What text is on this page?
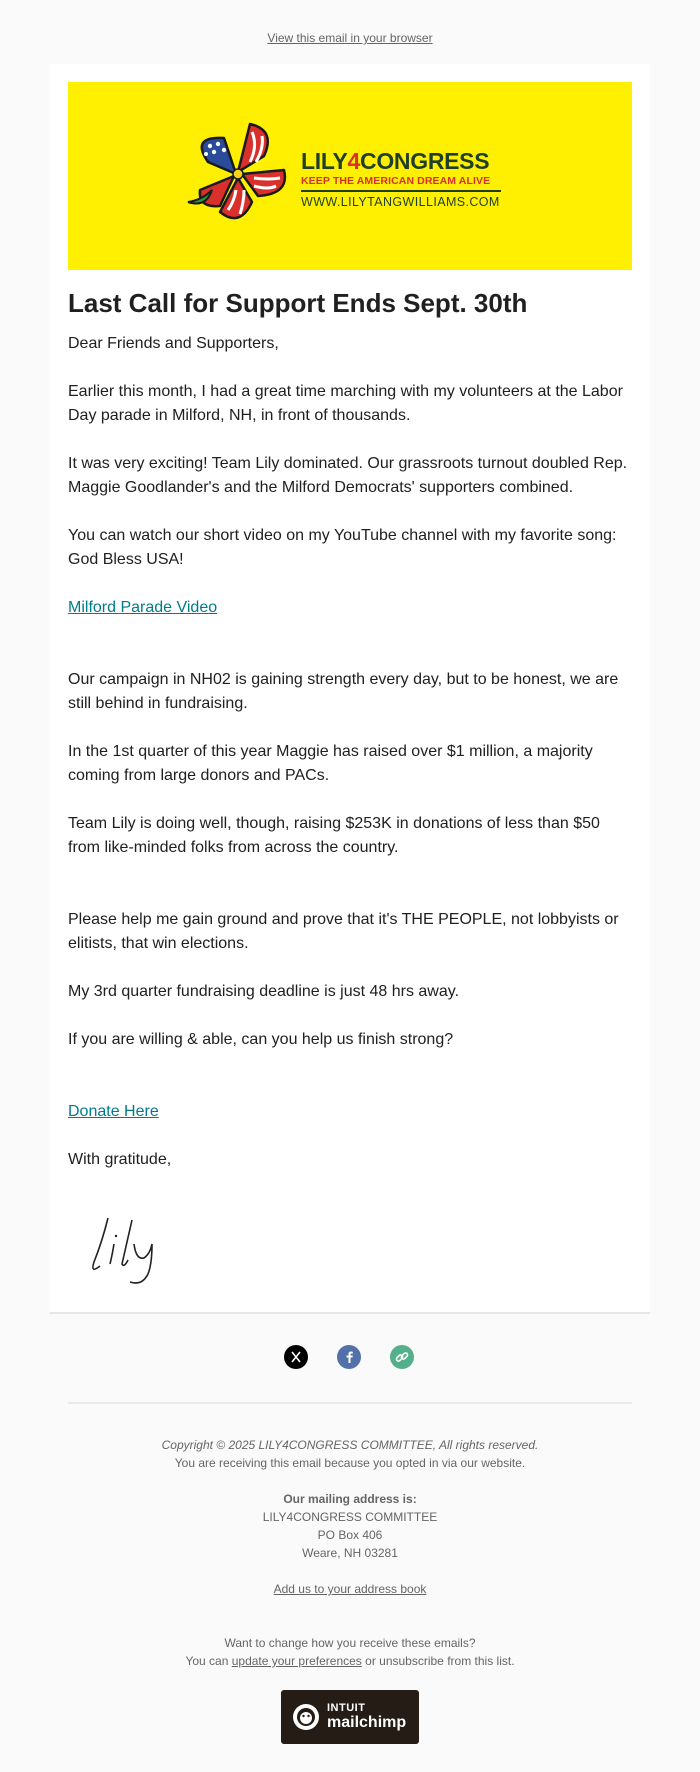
View this email in your browser
LILY4CONGRESS
KEEP THE AMERICAN DREAM ALIVE
WWW.LILYTANGWILLIAMS.COM
Last Call for Support Ends Sept. 30th

Dear Friends and Supporters,

Earlier this month, I had a great time marching with my volunteers at the Labor Day parade in Milford, NH, in front of thousands.

It was very exciting! Team Lily dominated. Our grassroots turnout doubled Rep. Maggie Goodlander's and the Milford Democrats' supporters combined.

You can watch our short video on my YouTube channel with my favorite song: God Bless USA!

Milford Parade Video

Our campaign in NH02 is gaining strength every day, but to be honest, we are still behind in fundraising.

In the 1st quarter of this year Maggie has raised over $1 million, a majority coming from large donors and PACs.

Team Lily is doing well, though, raising $253K in donations of less than $50 from like-minded folks from across the country.

Please help me gain ground and prove that it's THE PEOPLE, not lobbyists or elitists, that win elections.

My 3rd quarter fundraising deadline is just 48 hrs away.

If you are willing & able, can you help us finish strong?

Donate Here

With gratitude,

Copyright © 2025 LILY4CONGRESS COMMITTEE, All rights reserved.

You are receiving this email because you opted in via our website.

Our mailing address is:

LILY4CONGRESS COMMITTEE

PO Box 406

Weare, NH 03281

Add us to your address book

Want to change how you receive these emails?

You can update your preferences or unsubscribe from this list.

INTUIT
mailchimp
